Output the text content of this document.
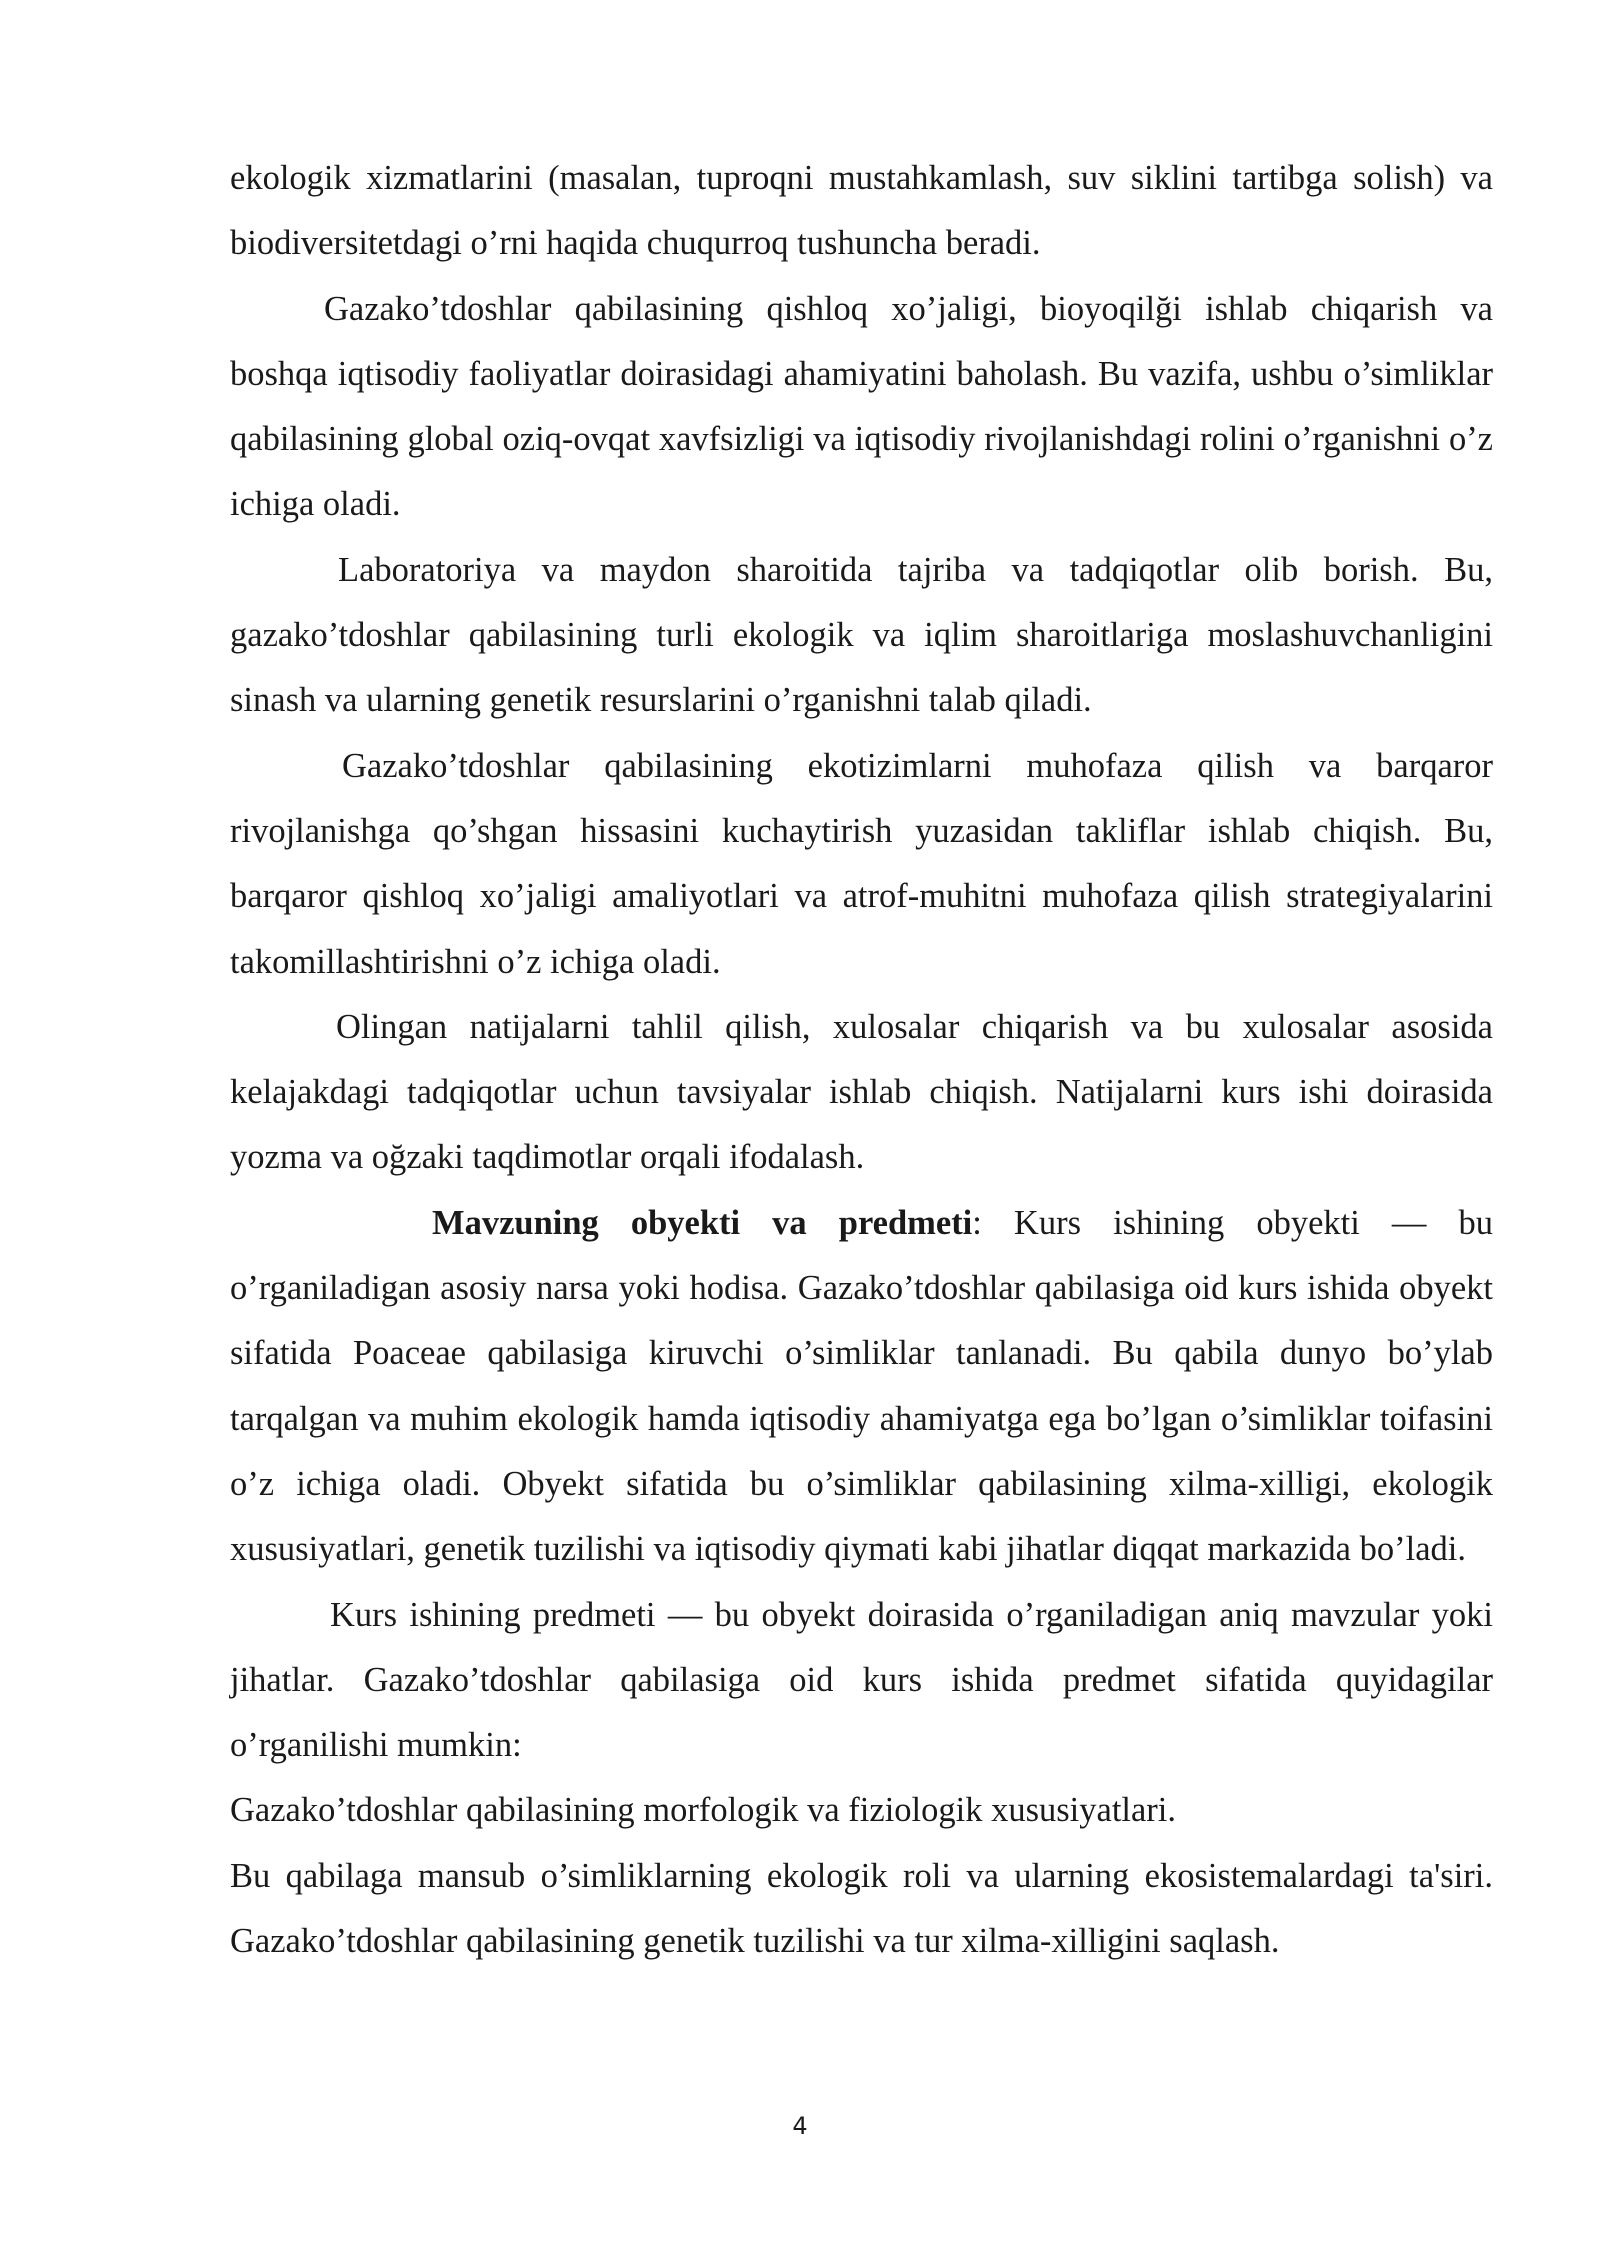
ekologik xizmatlarini (masalan, tuproqni mustahkamlash, suv siklini tartibga solish) va biodiversitetdagi o’rni haqida chuqurroq tushuncha beradi.

Gazako’tdoshlar qabilasining qishloq xo’jaligi, bioyoqilği ishlab chiqarish va boshqa iqtisodiy faoliyatlar doirasidagi ahamiyatini baholash. Bu vazifa, ushbu o’simliklar qabilasining global oziq-ovqat xavfsizligi va iqtisodiy rivojlanishdagi rolini o’rganishni o’z ichiga oladi.

Laboratoriya va maydon sharoitida tajriba va tadqiqotlar olib borish. Bu, gazako’tdoshlar qabilasining turli ekologik va iqlim sharoitlariga moslashuvchanligini sinash va ularning genetik resurslarini o’rganishni talab qiladi.

Gazako’tdoshlar qabilasining ekotizimlarni muhofaza qilish va barqaror rivojlanishga qo’shgan hissasini kuchaytirish yuzasidan takliflar ishlab chiqish. Bu, barqaror qishloq xo’jaligi amaliyotlari va atrof-muhitni muhofaza qilish strategiyalarini takomillashtirishni o’z ichiga oladi.

Olingan natijalarni tahlil qilish, xulosalar chiqarish va bu xulosalar asosida kelajakdagi tadqiqotlar uchun tavsiyalar ishlab chiqish. Natijalarni kurs ishi doirasida yozma va oğzaki taqdimotlar orqali ifodalash.

Mavzuning obyekti va predmeti: Kurs ishining obyekti — bu o’rganiladigan asosiy narsa yoki hodisa. Gazako’tdoshlar qabilasiga oid kurs ishida obyekt sifatida Poaceae qabilasiga kiruvchi o’simliklar tanlanadi. Bu qabila dunyo bo’ylab tarqalgan va muhim ekologik hamda iqtisodiy ahamiyatga ega bo’lgan o’simliklar toifasini o’z ichiga oladi. Obyekt sifatida bu o’simliklar qabilasining xilma-xilligi, ekologik xususiyatlari, genetik tuzilishi va iqtisodiy qiymati kabi jihatlar diqqat markazida bo’ladi.

Kurs ishining predmeti — bu obyekt doirasida o’rganiladigan aniq mavzular yoki jihatlar. Gazako’tdoshlar qabilasiga oid kurs ishida predmet sifatida quyidagilar o’rganilishi mumkin:

Gazako’tdoshlar qabilasining morfologik va fiziologik xususiyatlari.

Bu qabilaga mansub o’simliklarning ekologik roli va ularning ekosistemalardagi ta'siri. Gazako’tdoshlar qabilasining genetik tuzilishi va tur xilma-xilligini saqlash.

4
